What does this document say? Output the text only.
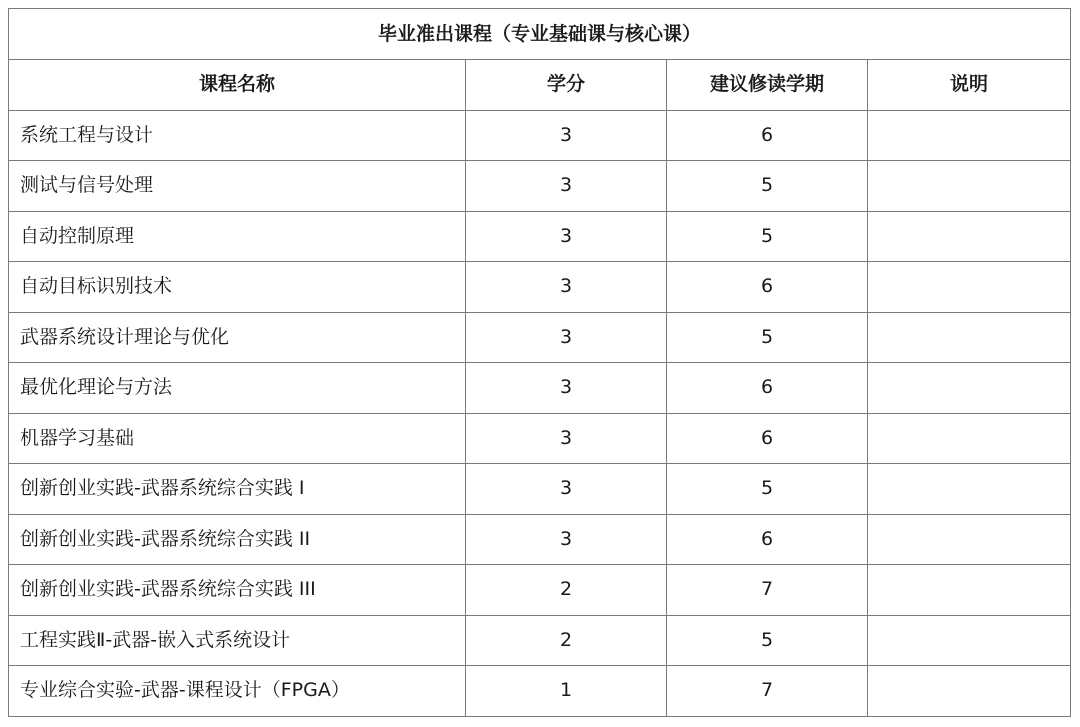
毕业准出课程（专业基础课与核心课）			
课程名称	学分	建议修读学期	说明
系统工程与设计	3	6	
测试与信号处理	3	5	
自动控制原理	3	5	
自动目标识别技术	3	6	
武器系统设计理论与优化	3	5	
最优化理论与方法	3	6	
机器学习基础	3	6	
创新创业实践-武器系统综合实践 I	3	5	
创新创业实践-武器系统综合实践 II	3	6	
创新创业实践-武器系统综合实践 III	2	7	
工程实践Ⅱ-武器-嵌入式系统设计	2	5	
专业综合实验-武器-课程设计（FPGA）	1	7	
